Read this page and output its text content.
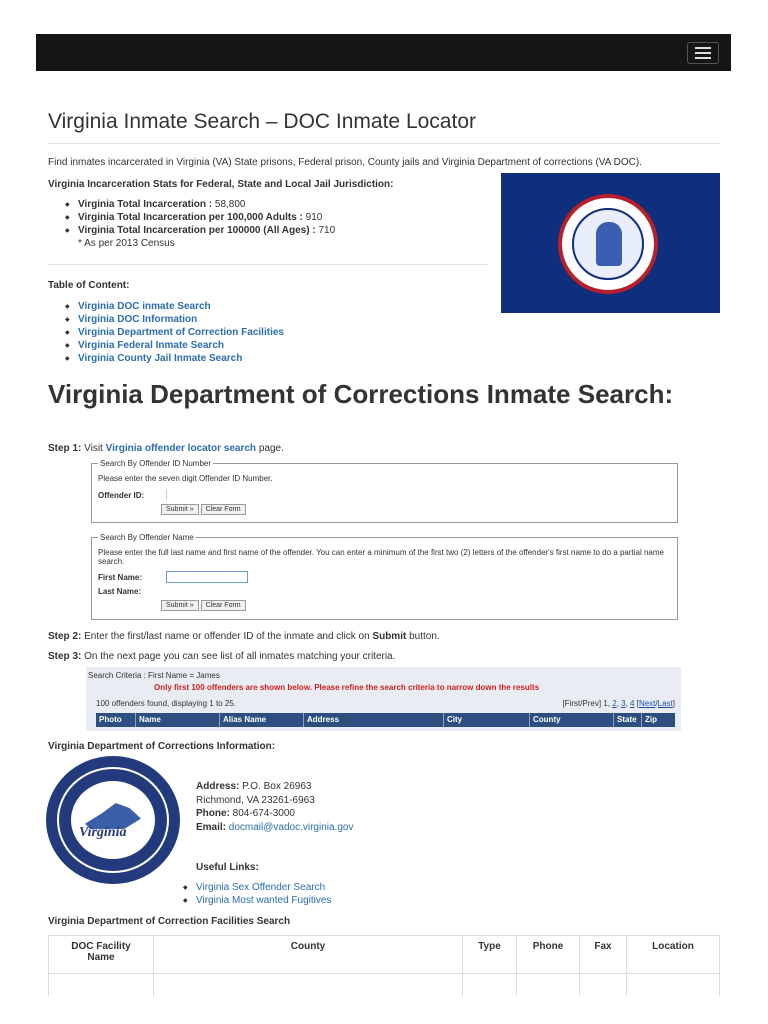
Virginia Inmate Search – DOC Inmate Locator
Find inmates incarcerated in Virginia (VA) State prisons, Federal prison, County jails and Virginia Department of corrections (VA DOC).
Virginia Incarceration Stats for Federal, State and Local Jail Jurisdiction:
◆ Virginia Total Incarceration : 58,800
◆ Virginia Total Incarceration per 100,000 Adults : 910
◆ Virginia Total Incarceration per 100000 (All Ages) : 710
* As per 2013 Census
Table of Content:
◆ Virginia DOC inmate Search
◆ Virginia DOC Information
◆ Virginia Department of Correction Facilities
◆ Virginia Federal Inmate Search
◆ Virginia County Jail Inmate Search
Virginia Department of Corrections Inmate Search:
Step 1: Visit Virginia offender locator search page.
Search By Offender ID Number
Please enter the seven digit Offender ID Number.
Offender ID:
Submit »	Clear Form
Search By Offender Name
Please enter the full last name and first name of the offender. You can enter a minimum of the first two (2) letters of the offender's first name to do a partial name search.
First Name:
Last Name:
Submit »	Clear Form
Step 2: Enter the first/last name or offender ID of the inmate and click on Submit button.
Step 3: On the next page you can see list of all inmates matching your criteria.
Search Criteria : First Name = James
Only first 100 offenders are shown below. Please refine the search criteria to narrow down the results
100 offenders found, displaying 1 to 25.	[First/Prev] 1, 2, 3, 4 [Next/Last]
Photo	Name	Alias Name	Address	City	County	State	Zip
Virginia Department of Corrections Information:
Virginia
Address: P.O. Box 26963
Richmond, VA 23261-6963
Phone: 804-674-3000
Email: docmail@vadoc.virginia.gov
Useful Links:
◆ Virginia Sex Offender Search
◆ Virginia Most wanted Fugitives
Virginia Department of Correction Facilities Search
DOC Facility Name	County	Type	Phone	Fax	Location
